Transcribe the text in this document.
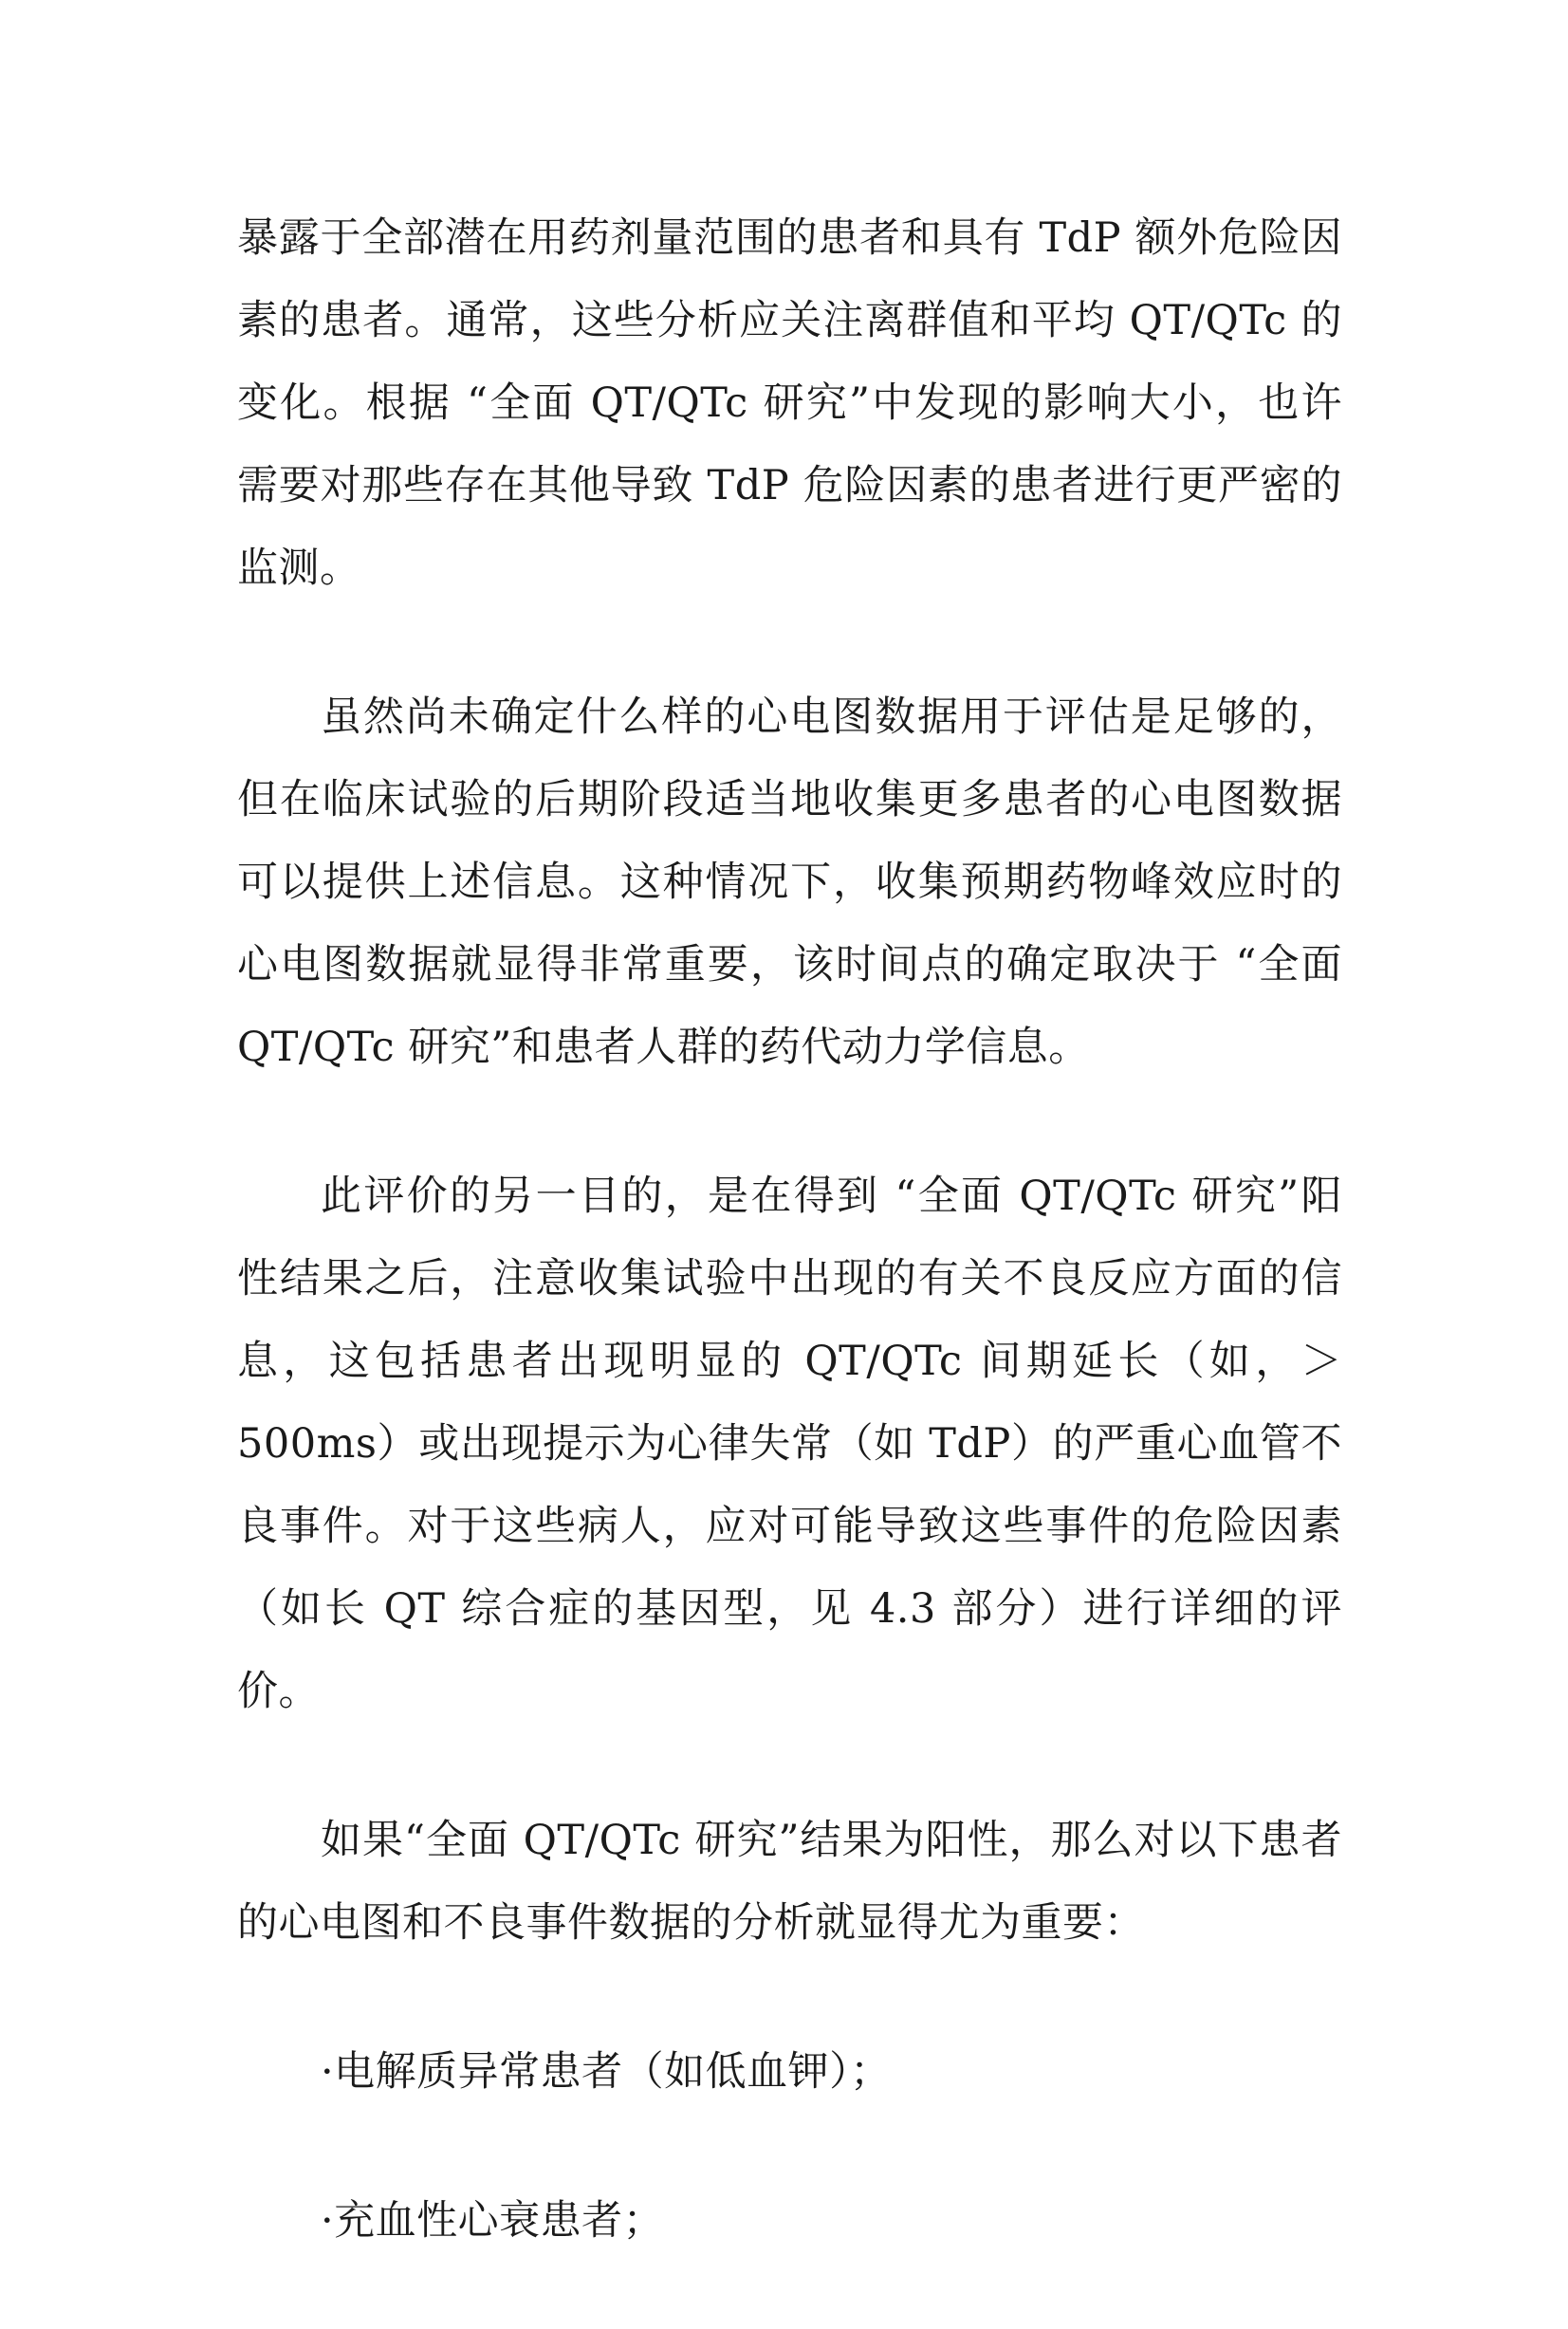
暴露于全部潜在用药剂量范围的患者和具有 TdP 额外危险因素的患者。通常，这些分析应关注离群值和平均 QT/QTc 的变化。根据 “全面 QT/QTc 研究”中发现的影响大小，也许需要对那些存在其他导致 TdP 危险因素的患者进行更严密的监测。

虽然尚未确定什么样的心电图数据用于评估是足够的，但在临床试验的后期阶段适当地收集更多患者的心电图数据可以提供上述信息。这种情况下，收集预期药物峰效应时的心电图数据就显得非常重要，该时间点的确定取决于 “全面 QT/QTc 研究”和患者人群的药代动力学信息。

此评价的另一目的，是在得到 “全面 QT/QTc 研究”阳性结果之后，注意收集试验中出现的有关不良反应方面的信息，这包括患者出现明显的 QT/QTc 间期延长（如，＞500ms）或出现提示为心律失常（如 TdP）的严重心血管不良事件。对于这些病人，应对可能导致这些事件的危险因素（如长 QT 综合症的基因型，见 4.3 部分）进行详细的评价。

如果“全面 QT/QTc 研究”结果为阳性，那么对以下患者的心电图和不良事件数据的分析就显得尤为重要：

·电解质异常患者（如低血钾）；

·充血性心衰患者；
